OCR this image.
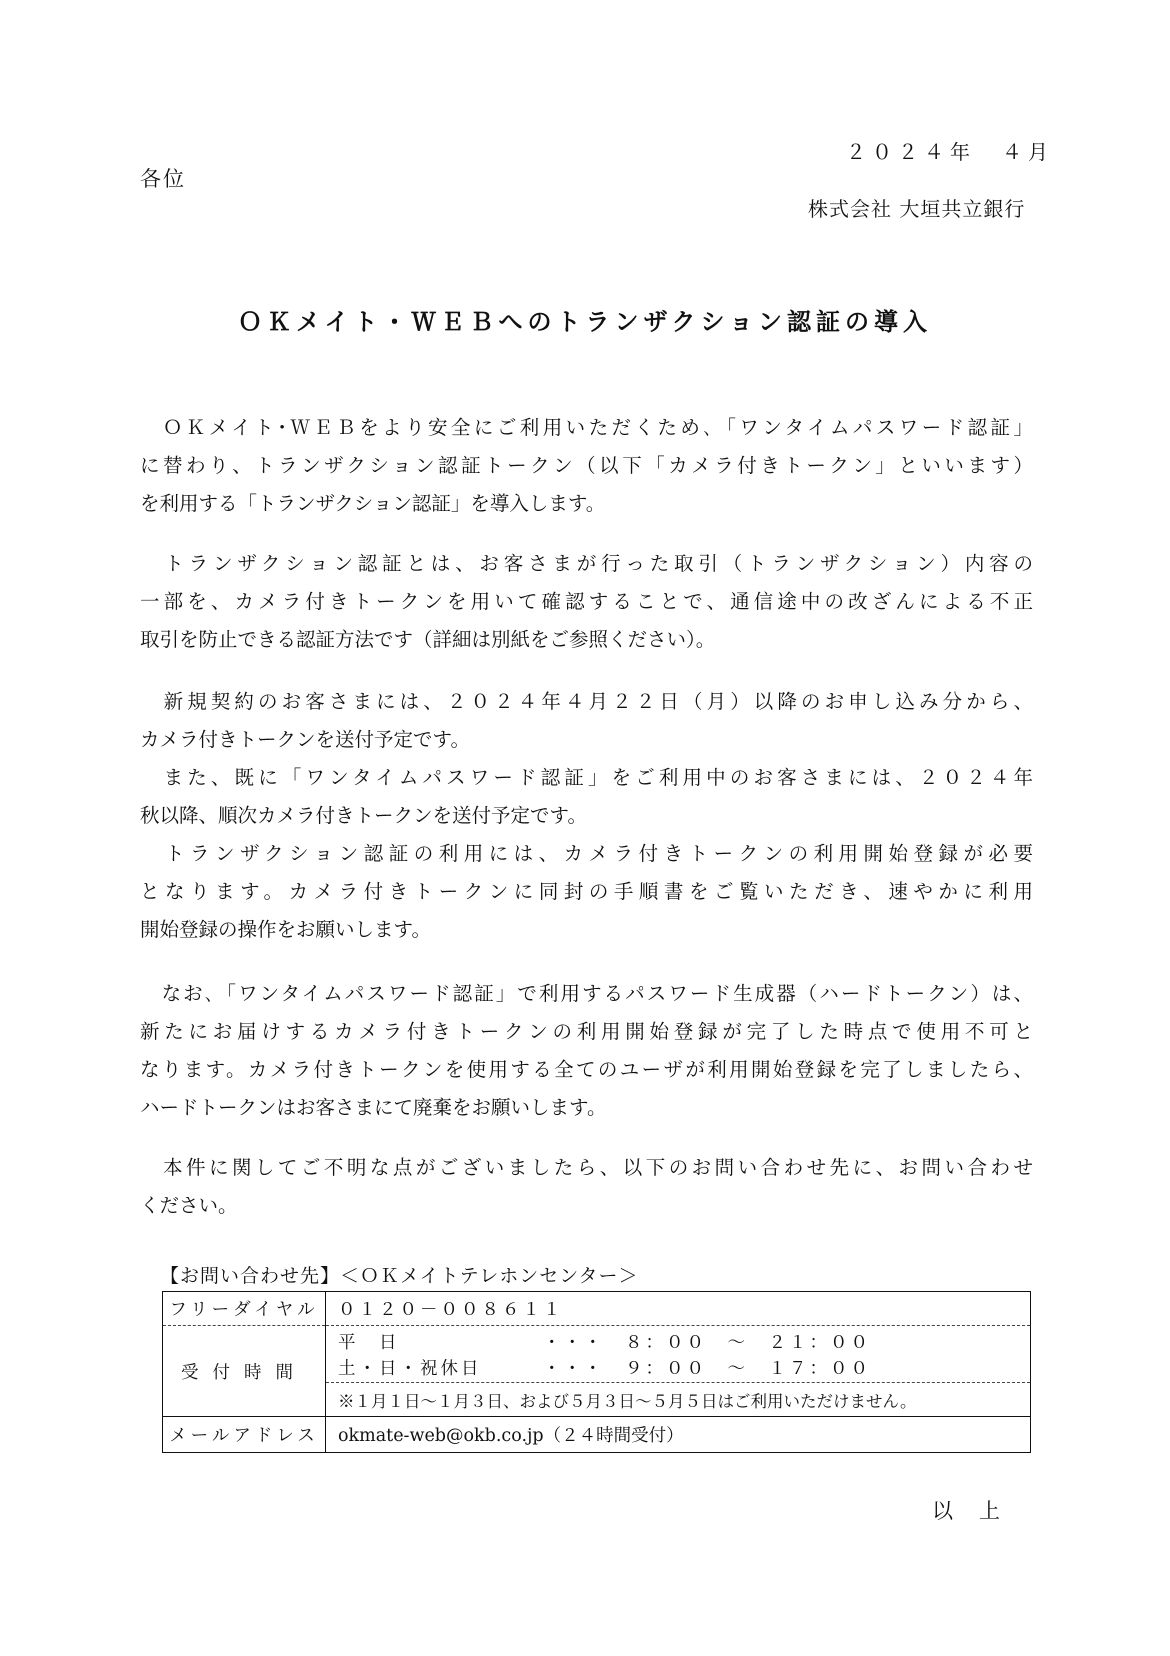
２０２４年　４月
各位
株式会社 大垣共立銀行
ＯＫメイト・ＷＥＢへのトランザクション認証の導入
　ＯＫメイト･ＷＥＢをより安全にご利用いただくため､「ワンタイムパスワード認証」
に替わり、トランザクション認証トークン（以下「カメラ付きトークン」といいます）
を利用する「トランザクション認証」を導入します。
　トランザクション認証とは、お客さまが行った取引（トランザクション）内容の
一部を、カメラ付きトークンを用いて確認することで、通信途中の改ざんによる不正
取引を防止できる認証方法です（詳細は別紙をご参照ください）。
　新規契約のお客さまには、２０２４年４月２２日（月）以降のお申し込み分から、
カメラ付きトークンを送付予定です。
　また、既に「ワンタイムパスワード認証」をご利用中のお客さまには、２０２４年
秋以降、順次カメラ付きトークンを送付予定です。
　トランザクション認証の利用には、カメラ付きトークンの利用開始登録が必要
となります。カメラ付きトークンに同封の手順書をご覧いただき、速やかに利用
開始登録の操作をお願いします。
　なお､「ワンタイムパスワード認証」で利用するパスワード生成器（ハードトークン）は、
新たにお届けするカメラ付きトークンの利用開始登録が完了した時点で使用不可と
なります。カメラ付きトークンを使用する全てのユーザが利用開始登録を完了しましたら、
ハードトークンはお客さまにて廃棄をお願いします。
　本件に関してご不明な点がございましたら、以下のお問い合わせ先に、お問い合わせ
ください。
【お問い合わせ先】＜ＯＫメイトテレホンセンター＞
フリーダイヤル	０１２０－００８６１１
受付時間	平　日 ・・・　８：００　～　２１：００
土・日・祝休日 ・・・　９：００　～　１７：００

	※１月１日～１月３日、および５月３日～５月５日はご利用いただけません。
メールアドレス	okmate-web@okb.co.jp（２４時間受付）
以上
